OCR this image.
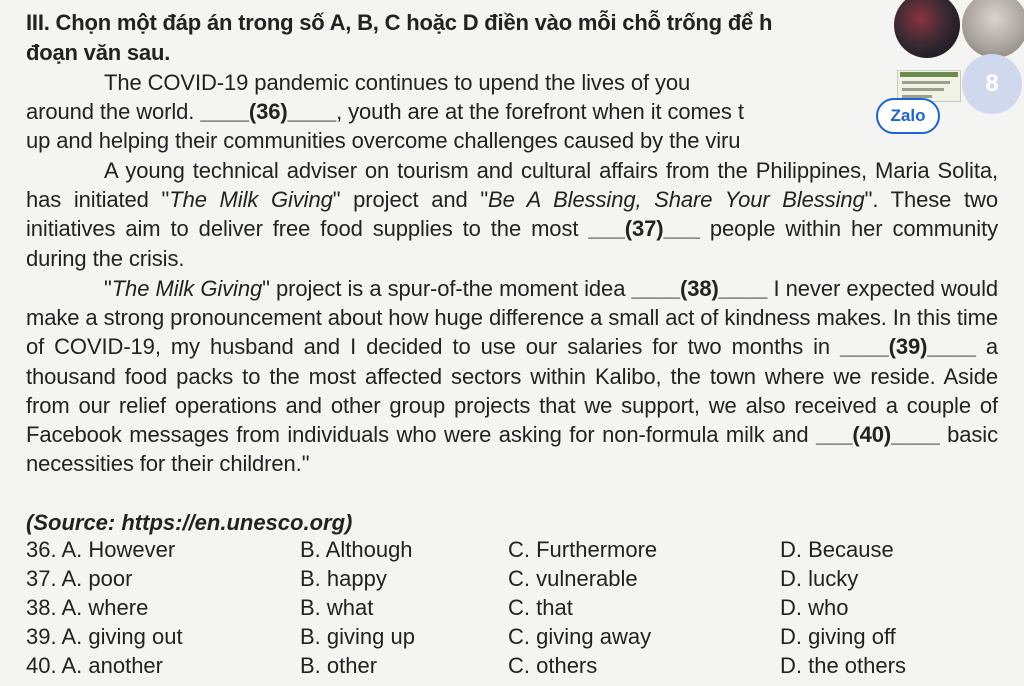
III. Chọn một đáp án trong số A, B, C hoặc D điền vào mỗi chỗ trống để h
đoạn văn sau.
The COVID-19 pandemic continues to upend the lives of you
around the world. ____(36)____, youth are at the forefront when it comes t
up and helping their communities overcome challenges caused by the viru
A young technical adviser on tourism and cultural affairs from the Philippines, Maria Solita, has initiated "The Milk Giving" project and "Be A Blessing, Share Your Blessing". These two initiatives aim to deliver free food supplies to the most ___(37)___ people within her community during the crisis.
"The Milk Giving" project is a spur-of-the moment idea ____(38)____ I never expected would make a strong pronouncement about how huge difference a small act of kindness makes. In this time of COVID-19, my husband and I decided to use our salaries for two months in ____(39)____ a thousand food packs to the most affected sectors within Kalibo, the town where we reside. Aside from our relief operations and other group projects that we support, we also received a couple of Facebook messages from individuals who were asking for non-formula milk and ___(40)____ basic necessities for their children."
(Source: https://en.unesco.org)
36. A. However	B. Although	C. Furthermore	D. Because
37. A. poor	B. happy	C. vulnerable	D. lucky
38. A. where	B. what	C. that	D. who
39. A. giving out	B. giving up	C. giving away	D. giving off
40. A. another	B. other	C. others	D. the others
8
Zalo
